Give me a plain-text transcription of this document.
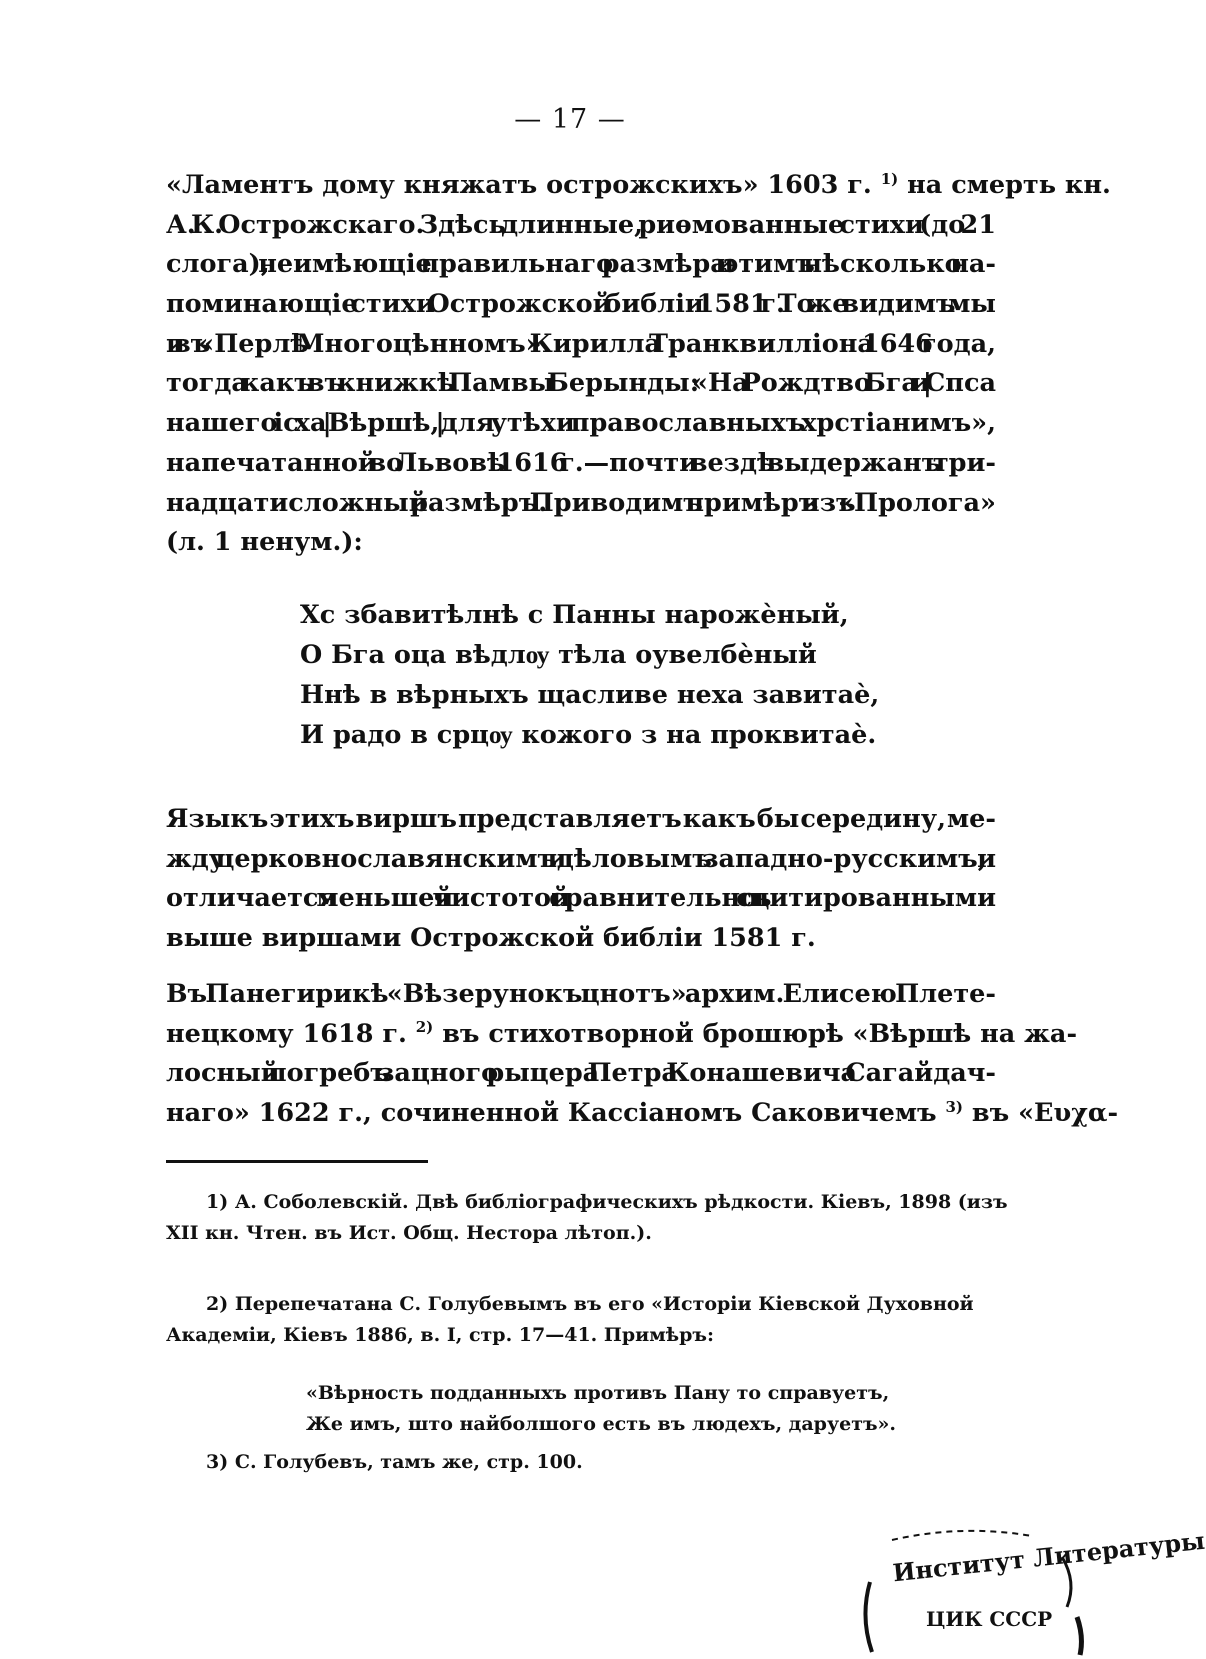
— 17 —
«Ламентъ дому княжатъ острожскихъ» 1603 г. 1) на смерть кн.
А. К. Острожскаго. Здѣсь длинные, риѳмованные стихи (до 21
слога), неимѣющіе правильнаго размѣра и этимъ нѣсколько на-
поминающіе стихи Острожской библіи 1581 г. То же видимъ мы
и въ «Перлѣ Многоцѣнномъ» Кирилла Транквилліона 1646 года,
тогда какъ въ книжкѣ Памвы Берынды: «На Рождтво Бга и | Спса
нашего іс ха | Вѣршѣ, | для утѣхи православныхъ хрстіанимъ»,
напечатанной во Львовѣ 1616 г.—почти вездѣ выдержанъ три-
надцатисложный размѣръ. Приводимъ примѣръ изъ «Пролога»
(л. 1 ненум.):
Хс збавитѣлнѣ с Панны нарожѐный,
О Бга оца вѣдлѹ тѣла оувелбѐный
Ннѣ в вѣрныхъ щасливе неха завитаѐ,
И радо в срцѹ кожого з на проквитаѐ.
Языкъ этихъ виршъ представляетъ какъ бы середину, ме-
жду церковнославянскимъ и дѣловымъ западно-русскимъ, и
отличается меньшей чистотой сравнительно съ цитированными
выше виршами Острожской библіи 1581 г.
Въ Панегирикѣ «Вѣзерунокъ цнотъ» архим. Елисею Плете-
нецкому 1618 г. 2) въ стихотворной брошюрѣ «Вѣршѣ на жа-
лосный погребъ зацного рыцера Петра Конашевича Сагайдач-
наго» 1622 г., сочиненной Кассіаномъ Саковичемъ 3) въ «Ευχα-
1) А. Соболевскій. Двѣ библіографическихъ рѣдкости. Кіевъ, 1898 (изъ
XII кн. Чтен. въ Ист. Общ. Нестора лѣтоп.).
2) Перепечатана С. Голубевымъ въ его «Исторіи Кіевской Духовной
Академіи, Кіевъ 1886, в. I, стр. 17—41. Примѣръ:
«Вѣрность подданныхъ противъ Пану то справуетъ,
Же имъ, што найболшого есть въ людехъ, даруетъ».
3) С. Голубевъ, тамъ же, стр. 100.
Институт Литературы
ЦИК СССР
